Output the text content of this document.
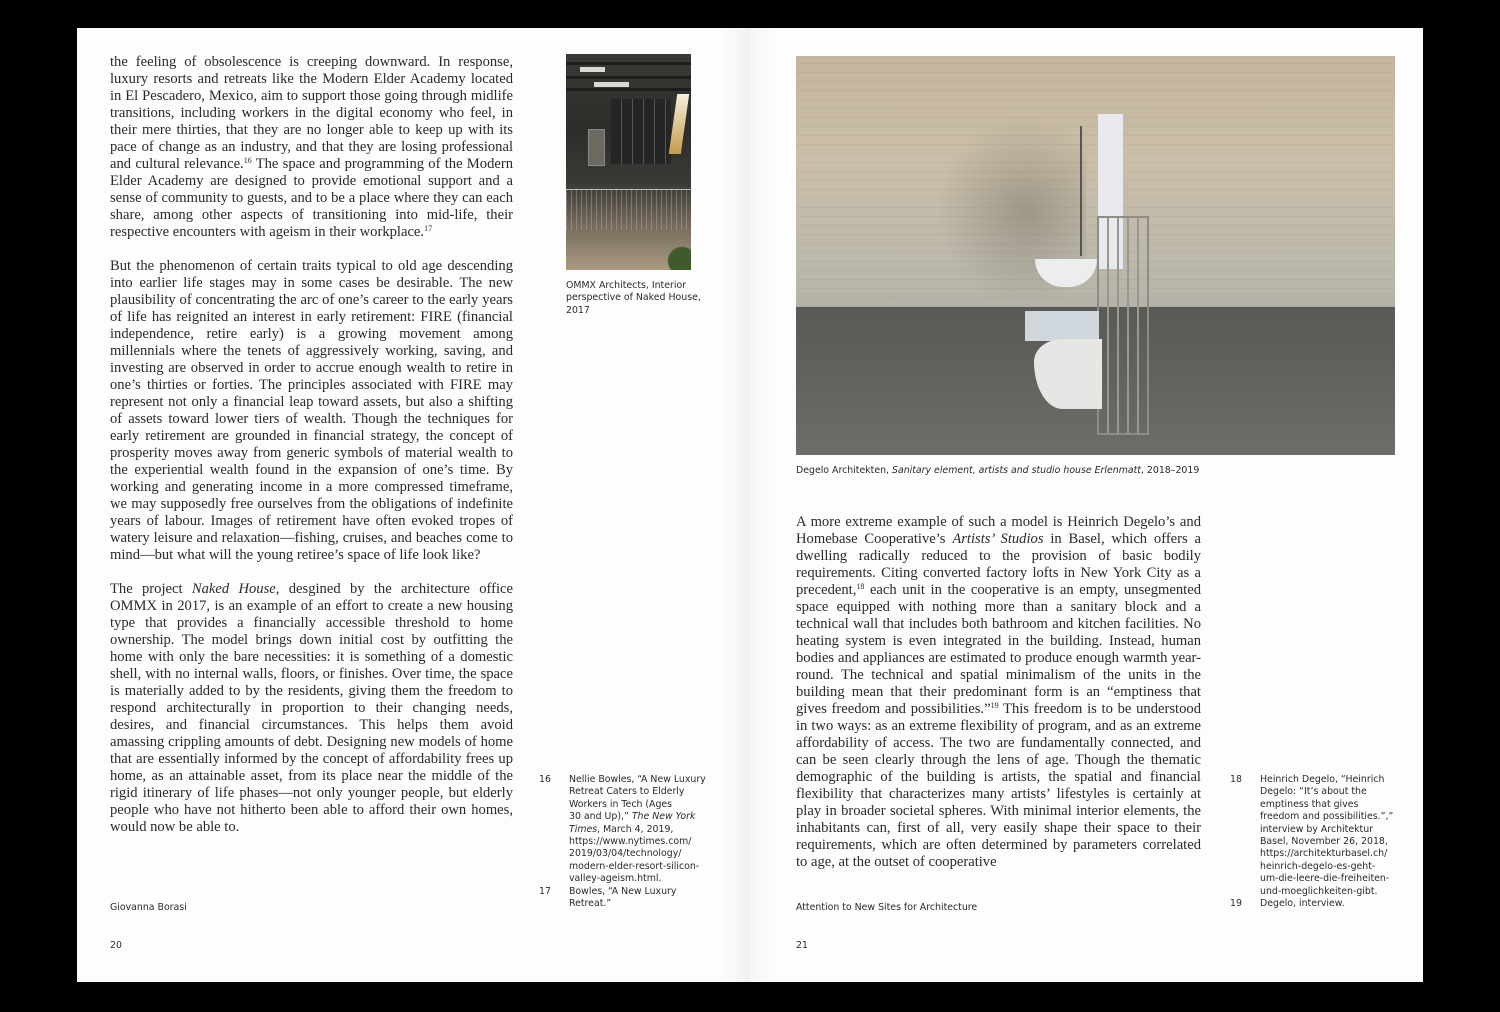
the feeling of obsolescence is creeping downward. In response, luxury resorts and retreats like the Modern Elder Academy located in El Pescadero, Mexico, aim to support those going through midlife transitions, including workers in the digital economy who feel, in their mere thirties, that they are no longer able to keep up with its pace of change as an industry, and that they are losing professional and cultural relevance.$^{16}$ The space and programming of the Modern Elder Academy are designed to provide emotional support and a sense of community to guests, and to be a place where they can each share, among other aspects of transitioning into mid-life, their respective encounters with ageism in their workplace.$^{17}$

But the phenomenon of certain traits typical to old age descending into earlier life stages may in some cases be desirable. The new plausibility of concentrating the arc of one’s career to the early years of life has reignited an interest in early retirement: FIRE (financial independence, retire early) is a growing movement among millennials where the tenets of aggressively working, saving, and investing are observed in order to accrue enough wealth to retire in one’s thirties or forties. The principles associated with FIRE may represent not only a financial leap toward assets, but also a shifting of assets toward lower tiers of wealth. Though the techniques for early retirement are grounded in financial strategy, the concept of prosperity moves away from generic symbols of material wealth to the experiential wealth found in the expansion of one’s time. By working and generating income in a more compressed timeframe, we may supposedly free ourselves from the obligations of indefinite years of labour. Images of retirement have often evoked tropes of watery leisure and relaxation—fishing, cruises, and beaches come to mind—but what will the young retiree’s space of life look like?

The project Naked House, desgined by the architecture office OMMX in 2017, is an example of an effort to create a new housing type that provides a financially accessible threshold to home ownership. The model brings down initial cost by outfitting the home with only the bare necessities: it is something of a domestic shell, with no internal walls, floors, or finishes. Over time, the space is materially added to by the residents, giving them the freedom to respond architecturally in proportion to their changing needs, desires, and financial circumstances. This helps them avoid amassing crippling amounts of debt. Designing new models of home that are essentially informed by the concept of affordability frees up home, as an attainable asset, from its place near the middle of the rigid itinerary of life phases—not only younger people, but elderly people who have not hitherto been able to afford their own homes, would now be able to.

OMMX Architects, Interior perspective of Naked House, 2017
16	Nellie Bowles, “A New Luxury
Retreat Caters to Elderly
Workers in Tech (Ages
30 and Up),” The New York
Times, March 4, 2019,
https://www.nytimes.com/
2019/03/04/technology/
modern-elder-resort-silicon-
valley-ageism.html.
17	Bowles, “A New Luxury
Retreat.”
Giovanna Borasi
20
Degelo Architekten, Sanitary element, artists and studio house Erlenmatt, 2018–2019

A more extreme example of such a model is Heinrich Degelo’s and Homebase Cooperative’s Artists’ Studios in Basel, which offers a dwelling radically reduced to the provision of basic bodily requirements. Citing converted factory lofts in New York City as a precedent,$^{18}$ each unit in the cooperative is an empty, unsegmented space equipped with nothing more than a sanitary block and a technical wall that includes both bathroom and kitchen facilities. No heating system is even integrated in the building. Instead, human bodies and appliances are estimated to produce enough warmth year-round. The technical and spatial minimalism of the units in the building mean that their predominant form is an “emptiness that gives freedom and possibilities.”$^{19}$ This freedom is to be understood in two ways: as an extreme flexibility of program, and as an extreme affordability of access. The two are fundamentally connected, and can be seen clearly through the lens of age. Though the thematic demographic of the building is artists, the spatial and financial flexibility that characterizes many artists’ lifestyles is certainly at play in broader societal spheres. With minimal interior elements, the inhabitants can, first of all, very easily shape their space to their requirements, which are often determined by parameters correlated to age, at the outset of cooperative

18	Heinrich Degelo, “Heinrich
Degelo: “It’s about the
emptiness that gives
freedom and possibilities.”,”
interview by Architektur
Basel, November 26, 2018,
https://architekturbasel.ch/
heinrich-degelo-es-geht-
um-die-leere-die-freiheiten-
und-moeglichkeiten-gibt.
19	Degelo, interview.
Attention to New Sites for Architecture
21
